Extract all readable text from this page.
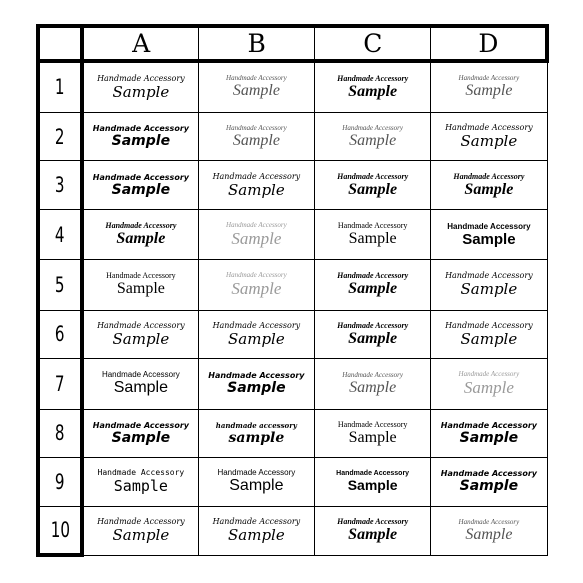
	A	B	C	D
1	Handmade Accessory
Sample	Handmade Accessory
Sample	Handmade Accessory
Sample	Handmade Accessory
Sample

2	Handmade Accessory
Sample	Handmade Accessory
Sample	Handmade Accessory
Sample	Handmade Accessory
Sample

3	Handmade Accessory
Sample	Handmade Accessory
Sample	Handmade Accessory
Sample	Handmade Accessory
Sample

4	Handmade Accessory
Sample	Handmade Accessory
Sample	Handmade Accessory
Sample	Handmade Accessory
Sample

5	Handmade Accessory
Sample	Handmade Accessory
Sample	Handmade Accessory
Sample	Handmade Accessory
Sample

6	Handmade Accessory
Sample	Handmade Accessory
Sample	Handmade Accessory
Sample	Handmade Accessory
Sample

7	Handmade Accessory
Sample	Handmade Accessory
Sample	Handmade Accessory
Sample	Handmade Accessory
Sample

8	Handmade Accessory
Sample	handmade accessory
sample	Handmade Accessory
Sample	Handmade Accessory
Sample

9	Handmade Accessory
Sample	Handmade Accessory
Sample	Handmade Accessory
Sample	Handmade Accessory
Sample

10	Handmade Accessory
Sample	Handmade Accessory
Sample	Handmade Accessory
Sample	Handmade Accessory
Sample
